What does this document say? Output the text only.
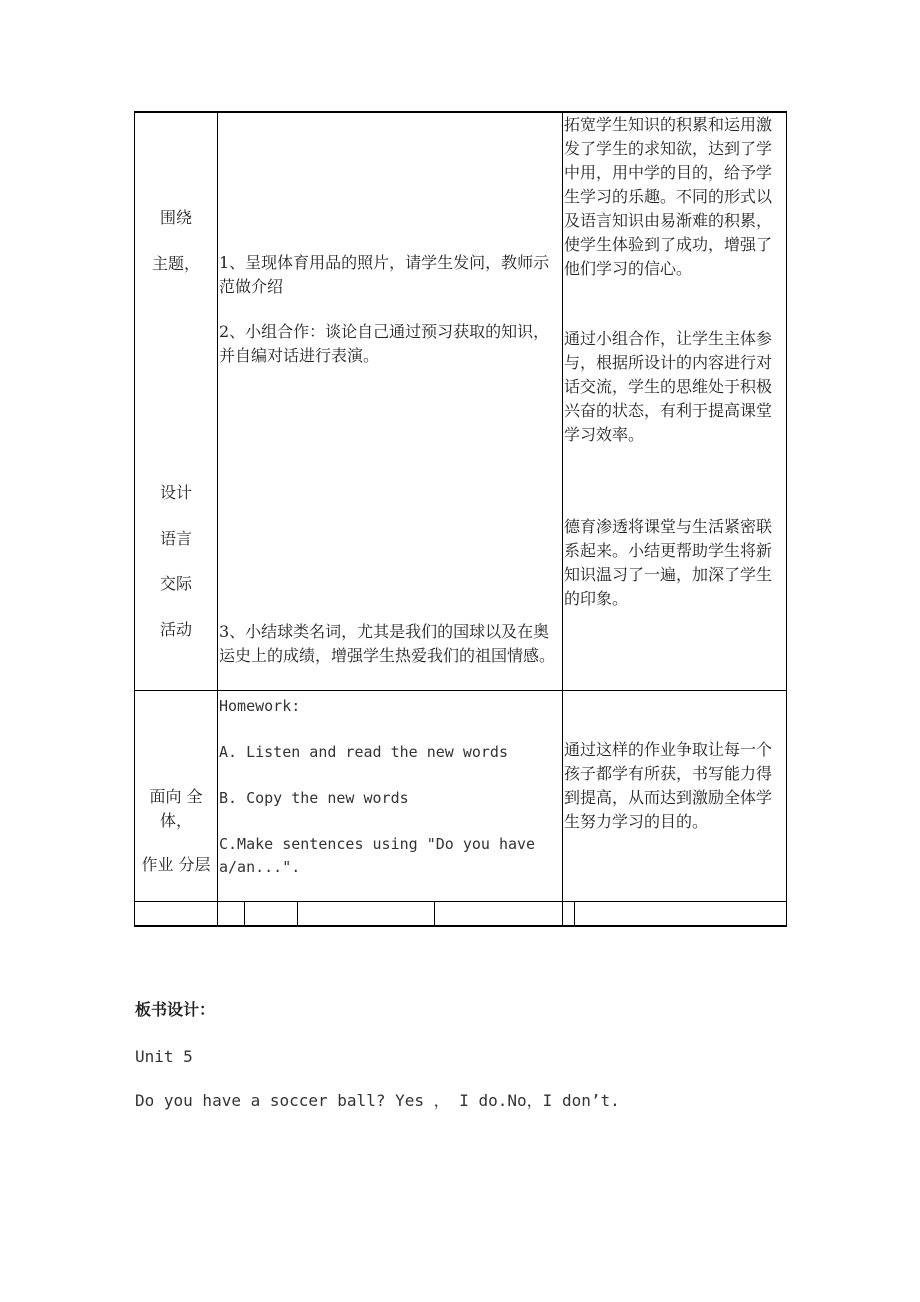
围绕
主题，
设计
语言
交际
活动
1、呈现体育用品的照片，请学生发问，教师示范做介绍
2、小组合作：谈论自己通过预习获取的知识，并自编对话进行表演。
3、小结球类名词，尤其是我们的国球以及在奥运史上的成绩，增强学生热爱我们的祖国情感。
拓宽学生知识的积累和运用激发了学生的求知欲，达到了学中用，用中学的目的，给予学生学习的乐趣。不同的形式以及语言知识由易渐难的积累，使学生体验到了成功，增强了他们学习的信心。
通过小组合作，让学生主体参与，根据所设计的内容进行对话交流，学生的思维处于积极兴奋的状态，有利于提高课堂学习效率。
德育渗透将课堂与生活紧密联系起来。小结更帮助学生将新知识温习了一遍，加深了学生的印象。
面向 全体，
作业 分层
Homework:
A. Listen and read the new words
B. Copy the new words
C.Make sentences using "Do you have a/an...".
通过这样的作业争取让每一个孩子都学有所获，书写能力得到提高，从而达到激励全体学生努力学习的目的。
板书设计：
Unit 5
Do you have a soccer ball? Yes ， I do.No，I don’t.
